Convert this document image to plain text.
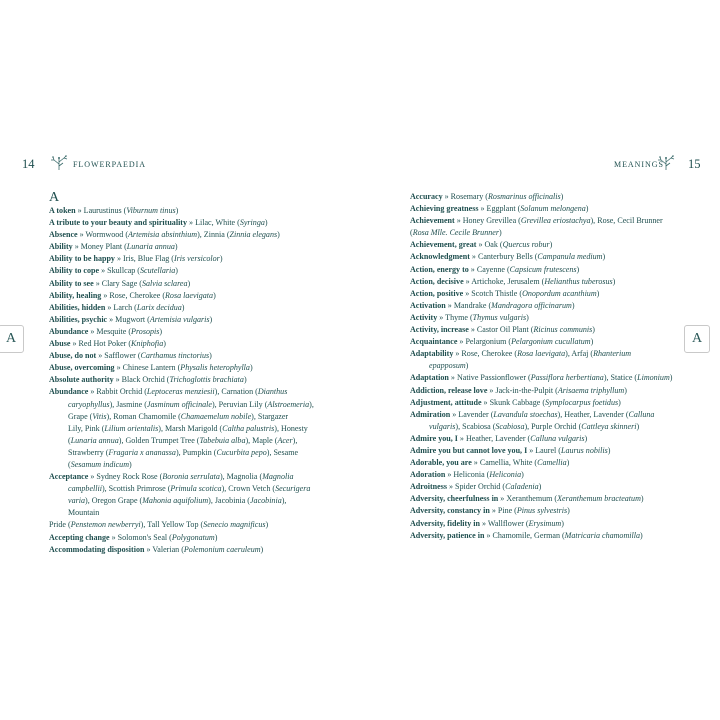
14	FLOWERPAEDIA	MEANINGS 15
A	A
A
A token » Laurustinus (Viburnum tinus)
A tribute to your beauty and spirituality » Lilac, White (Syringa)
Absence » Wormwood (Artemisia absinthium), Zinnia (Zinnia elegans)
Ability » Money Plant (Lunaria annua)
Ability to be happy » Iris, Blue Flag (Iris versicolor)
Ability to cope » Skullcap (Scutellaria)
Ability to see » Clary Sage (Salvia sclarea)
Ability, healing » Rose, Cherokee (Rosa laevigata)
Abilities, hidden » Larch (Larix decidua)
Abilities, psychic » Mugwort (Artemisia vulgaris)
Abundance » Mesquite (Prosopis)
Abuse » Red Hot Poker (Kniphofia)
Abuse, do not » Safflower (Carthamus tinctorius)
Abuse, overcoming » Chinese Lantern (Physalis heterophylla)
Absolute authority » Black Orchid (Trichoglottis brachiata)
Abundance » Rabbit Orchid (Leptoceras menziesii), Carnation (Dianthus
caryophyllus), Jasmine (Jasminum officinale), Peruvian Lily (Alstroemeria),
Grape (Vitis), Roman Chamomile (Chamaemelum nobile), Stargazer
Lily, Pink (Lilium orientalis), Marsh Marigold (Caltha palustris), Honesty
(Lunaria annua), Golden Trumpet Tree (Tabebuia alba), Maple (Acer),
Strawberry (Fragaria x ananassa), Pumpkin (Cucurbita pepo), Sesame
(Sesamum indicum)
Acceptance » Sydney Rock Rose (Boronia serrulata), Magnolia (Magnolia
campbellii), Scottish Primrose (Primula scotica), Crown Vetch (Securigera
varia), Oregon Grape (Mahonia aquifolium), Jacobinia (Jacobinia),
Mountain
Pride (Penstemon newberryi), Tall Yellow Top (Senecio magnificus)
Accepting change » Solomon's Seal (Polygonatum)
Accommodating disposition » Valerian (Polemonium caeruleum)
Accuracy » Rosemary (Rosmarinus officinalis)
Achieving greatness » Eggplant (Solanum melongena)
Achievement » Honey Grevillea (Grevillea eriostachya), Rose, Cecil Brunner
(Rosa Mlle. Cecile Brunner)
Achievement, great » Oak (Quercus robur)
Acknowledgment » Canterbury Bells (Campanula medium)
Action, energy to » Cayenne (Capsicum frutescens)
Action, decisive » Artichoke, Jerusalem (Helianthus tuberosus)
Action, positive » Scotch Thistle (Onopordum acanthium)
Activation » Mandrake (Mandragora officinarum)
Activity » Thyme (Thymus vulgaris)
Activity, increase » Castor Oil Plant (Ricinus communis)
Acquaintance » Pelargonium (Pelargonium cucullatum)
Adaptability » Rose, Cherokee (Rosa laevigata), Arfaj (Rhanterium
epapposum)
Adaptation » Native Passionflower (Passiflora herbertiana), Statice (Limonium)
Addiction, release love » Jack-in-the-Pulpit (Arisaema triphyllum)
Adjustment, attitude » Skunk Cabbage (Symplocarpus foetidus)
Admiration » Lavender (Lavandula stoechas), Heather, Lavender (Calluna
vulgaris), Scabiosa (Scabiosa), Purple Orchid (Cattleya skinneri)
Admire you, I » Heather, Lavender (Calluna vulgaris)
Admire you but cannot love you, I » Laurel (Laurus nobilis)
Adorable, you are » Camellia, White (Camellia)
Adoration » Heliconia (Heliconia)
Adroitness » Spider Orchid (Caladenia)
Adversity, cheerfulness in » Xeranthemum (Xeranthemum bracteatum)
Adversity, constancy in » Pine (Pinus sylvestris)
Adversity, fidelity in » Wallflower (Erysimum)
Adversity, patience in » Chamomile, German (Matricaria chamomilla)
